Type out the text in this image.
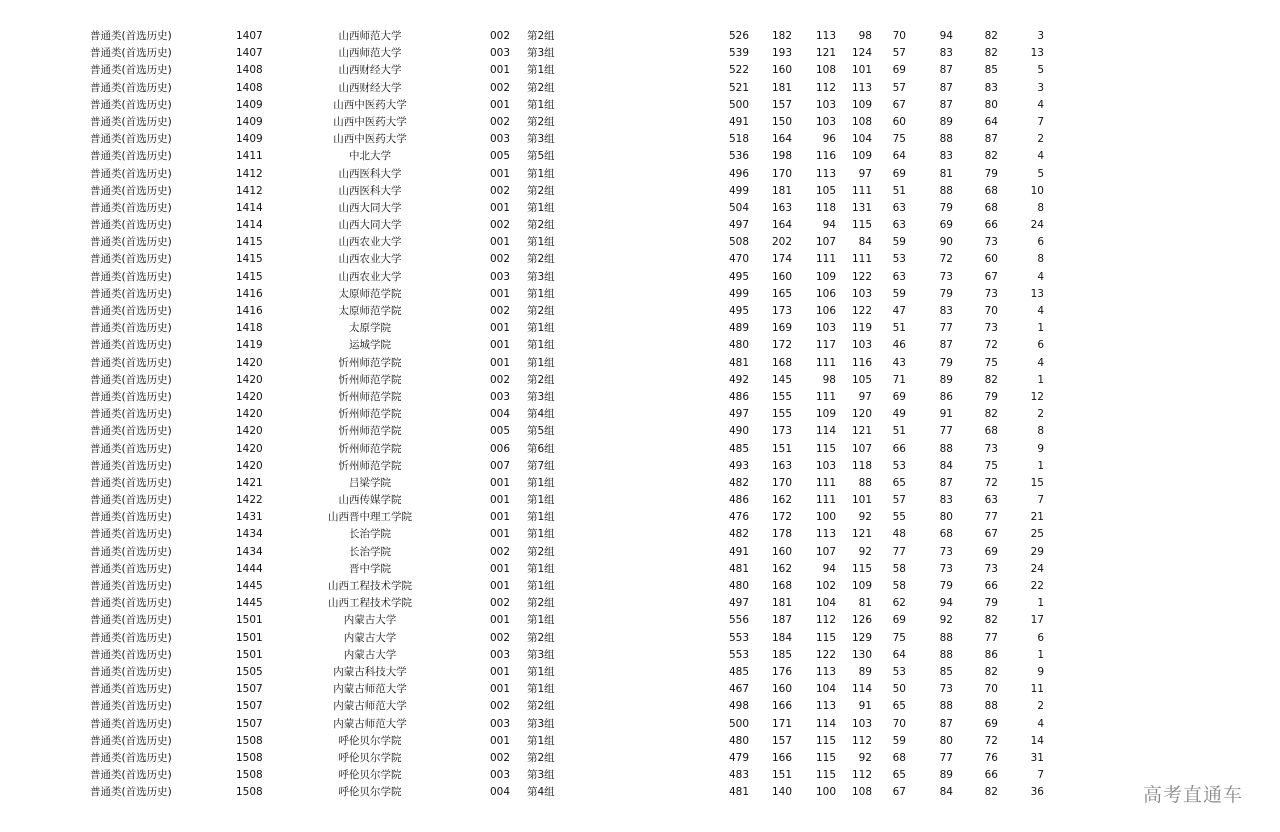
普通类(首选历史)	1407	山西师范大学	002 第2组	526	182	113	98	70	94	82	3
普通类(首选历史)	1407	山西师范大学	003 第3组	539	193	121	124	57	83	82	13
普通类(首选历史)	1408	山西财经大学	001 第1组	522	160	108	101	69	87	85	5
普通类(首选历史)	1408	山西财经大学	002 第2组	521	181	112	113	57	87	83	3
普通类(首选历史)	1409	山西中医药大学	001 第1组	500	157	103	109	67	87	80	4
普通类(首选历史)	1409	山西中医药大学	002 第2组	491	150	103	108	60	89	64	7
普通类(首选历史)	1409	山西中医药大学	003 第3组	518	164	96	104	75	88	87	2
普通类(首选历史)	1411	中北大学	005 第5组	536	198	116	109	64	83	82	4
普通类(首选历史)	1412	山西医科大学	001 第1组	496	170	113	97	69	81	79	5
普通类(首选历史)	1412	山西医科大学	002 第2组	499	181	105	111	51	88	68	10
普通类(首选历史)	1414	山西大同大学	001 第1组	504	163	118	131	63	79	68	8
普通类(首选历史)	1414	山西大同大学	002 第2组	497	164	94	115	63	69	66	24
普通类(首选历史)	1415	山西农业大学	001 第1组	508	202	107	84	59	90	73	6
普通类(首选历史)	1415	山西农业大学	002 第2组	470	174	111	111	53	72	60	8
普通类(首选历史)	1415	山西农业大学	003 第3组	495	160	109	122	63	73	67	4
普通类(首选历史)	1416	太原师范学院	001 第1组	499	165	106	103	59	79	73	13
普通类(首选历史)	1416	太原师范学院	002 第2组	495	173	106	122	47	83	70	4
普通类(首选历史)	1418	太原学院	001 第1组	489	169	103	119	51	77	73	1
普通类(首选历史)	1419	运城学院	001 第1组	480	172	117	103	46	87	72	6
普通类(首选历史)	1420	忻州师范学院	001 第1组	481	168	111	116	43	79	75	4
普通类(首选历史)	1420	忻州师范学院	002 第2组	492	145	98	105	71	89	82	1
普通类(首选历史)	1420	忻州师范学院	003 第3组	486	155	111	97	69	86	79	12
普通类(首选历史)	1420	忻州师范学院	004 第4组	497	155	109	120	49	91	82	2
普通类(首选历史)	1420	忻州师范学院	005 第5组	490	173	114	121	51	77	68	8
普通类(首选历史)	1420	忻州师范学院	006 第6组	485	151	115	107	66	88	73	9
普通类(首选历史)	1420	忻州师范学院	007 第7组	493	163	103	118	53	84	75	1
普通类(首选历史)	1421	吕梁学院	001 第1组	482	170	111	88	65	87	72	15
普通类(首选历史)	1422	山西传媒学院	001 第1组	486	162	111	101	57	83	63	7
普通类(首选历史)	1431	山西晋中理工学院	001 第1组	476	172	100	92	55	80	77	21
普通类(首选历史)	1434	长治学院	001 第1组	482	178	113	121	48	68	67	25
普通类(首选历史)	1434	长治学院	002 第2组	491	160	107	92	77	73	69	29
普通类(首选历史)	1444	晋中学院	001 第1组	481	162	94	115	58	73	73	24
普通类(首选历史)	1445	山西工程技术学院	001 第1组	480	168	102	109	58	79	66	22
普通类(首选历史)	1445	山西工程技术学院	002 第2组	497	181	104	81	62	94	79	1
普通类(首选历史)	1501	内蒙古大学	001 第1组	556	187	112	126	69	92	82	17
普通类(首选历史)	1501	内蒙古大学	002 第2组	553	184	115	129	75	88	77	6
普通类(首选历史)	1501	内蒙古大学	003 第3组	553	185	122	130	64	88	86	1
普通类(首选历史)	1505	内蒙古科技大学	001 第1组	485	176	113	89	53	85	82	9
普通类(首选历史)	1507	内蒙古师范大学	001 第1组	467	160	104	114	50	73	70	11
普通类(首选历史)	1507	内蒙古师范大学	002 第2组	498	166	113	91	65	88	88	2
普通类(首选历史)	1507	内蒙古师范大学	003 第3组	500	171	114	103	70	87	69	4
普通类(首选历史)	1508	呼伦贝尔学院	001 第1组	480	157	115	112	59	80	72	14
普通类(首选历史)	1508	呼伦贝尔学院	002 第2组	479	166	115	92	68	77	76	31
普通类(首选历史)	1508	呼伦贝尔学院	003 第3组	483	151	115	112	65	89	66	7
普通类(首选历史)	1508	呼伦贝尔学院	004 第4组	481	140	100	108	67	84	82	36	高考直通车
